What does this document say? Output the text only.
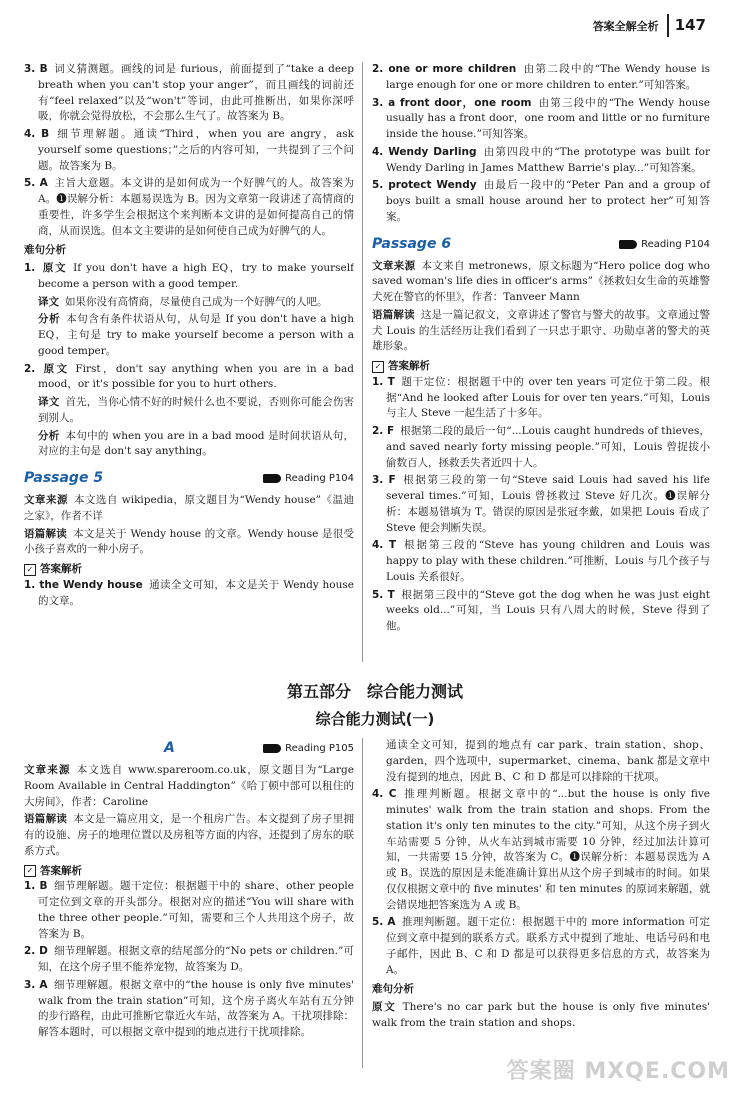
答案全解全析	147

3. B 词义猜测题。画线的词是 furious，前面提到了“take a deep breath when you can't stop your anger”，而且画线的词前还有“feel relaxed”以及“won't”等词，由此可推断出，如果你深呼吸，你就会觉得放松，不会那么生气了。故答案为 B。

4. B 细节理解题。通读“Third，when you are angry，ask yourself some questions；”之后的内容可知，一共提到了三个问题。故答案为 B。

5. A 主旨大意题。本文讲的是如何成为一个好脾气的人。故答案为 A。❶误解分析：本题易误选为 B。因为文章第一段讲述了高情商的重要性，许多学生会根据这个来判断本文讲的是如何提高自己的情商，从而误选。但本文主要讲的是如何使自己成为好脾气的人。

难句分析

1. 原文 If you don't have a high EQ，try to make yourself become a person with a good temper.

译文 如果你没有高情商，尽量使自己成为一个好脾气的人吧。

分析 本句含有条件状语从句，从句是 If you don't have a high EQ，主句是 try to make yourself become a person with a good temper。

2. 原文 First，don't say anything when you are in a bad mood，or it's possible for you to hurt others.

译文 首先，当你心情不好的时候什么也不要说，否则你可能会伤害到别人。

分析 本句中的 when you are in a bad mood 是时间状语从句，对应的主句是 don't say anything。

Passage 5	Reading P104

文章来源 本文选自 wikipedia，原文题目为“Wendy house”《温迪之家》，作者不详

语篇解读 本文是关于 Wendy house 的文章。Wendy house 是很受小孩子喜欢的一种小房子。

✓ 答案解析

1. the Wendy house 通读全文可知，本文是关于 Wendy house 的文章。

2. one or more children 由第二段中的“The Wendy house is large enough for one or more children to enter.”可知答案。

3. a front door，one room 由第三段中的“The Wendy house usually has a front door，one room and little or no furniture inside the house.”可知答案。

4. Wendy Darling 由第四段中的“The prototype was built for Wendy Darling in James Matthew Barrie's play...”可知答案。

5. protect Wendy 由最后一段中的“Peter Pan and a group of boys built a small house around her to protect her”可知答案。

Passage 6	Reading P104

文章来源 本文来自 metronews，原文标题为“Hero police dog who saved woman's life dies in officer's arms”《拯救妇女生命的英雄警犬死在警官的怀里》，作者：Tanveer Mann

语篇解读 这是一篇记叙文，文章讲述了警官与警犬的故事。文章通过警犬 Louis 的生活经历让我们看到了一只忠于职守、功勋卓著的警犬的英雄形象。

✓ 答案解析

1. T 题干定位：根据题干中的 over ten years 可定位于第二段。根据“And he looked after Louis for over ten years.”可知，Louis 与主人 Steve 一起生活了十多年。

2. F 根据第二段的最后一句“...Louis caught hundreds of thieves，and saved nearly forty missing people.”可知，Louis 曾捉拔小偷数百人，拯救丢失者近四十人。

3. F 根据第三段的第一句“Steve said Louis had saved his life several times.”可知，Louis 曾拯救过 Steve 好几次。❶误解分析：本题易错填为 T。错误的原因是张冠李戴，如果把 Louis 看成了 Steve 便会判断失误。

4. T 根据第三段的“Steve has young children and Louis was happy to play with these children.”可推断，Louis 与几个孩子与 Louis 关系很好。

5. T 根据第三段中的“Steve got the dog when he was just eight weeks old...”可知，当 Louis 只有八周大的时候，Steve 得到了他。

第五部分　综合能力测试
综合能力测试(一)
A	Reading P105

文章来源 本文选自 www.spareroom.co.uk，原文题目为“Large Room Available in Central Haddington”《哈丁顿中部可以租住的大房间》，作者：Caroline

语篇解读 本文是一篇应用文，是一个租房广告。本文提到了房子里拥有的设施、房子的地理位置以及房租等方面的内容，还提到了房东的联系方式。

✓ 答案解析

1. B 细节理解题。题干定位：根据题干中的 share、other people 可定位到文章的开头部分。根据对应的描述“You will share with the three other people.”可知，需要和三个人共用这个房子，故答案为 B。

2. D 细节理解题。根据文章的结尾部分的“No pets or children.”可知，在这个房子里不能养宠物，故答案为 D。

3. A 细节理解题。根据文章中的“the house is only five minutes' walk from the train station”可知，这个房子离火车站有五分钟的步行路程，由此可推断它靠近火车站，故答案为 A。干扰项排除：解答本题时，可以根据文章中提到的地点进行干扰项排除。

通读全文可知，提到的地点有 car park、train station、shop、garden，四个选项中，supermarket、cinema、bank 都是文章中没有提到的地点，因此 B、C 和 D 都是可以排除的干扰项。

4. C 推理判断题。根据文章中的“...but the house is only five minutes' walk from the train station and shops. From the station it's only ten minutes to the city.”可知，从这个房子到火车站需要 5 分钟，从火车站到城市需要 10 分钟，经过加法计算可知，一共需要 15 分钟，故答案为 C。❶误解分析：本题易误选为 A 或 B。误选的原因是未能准确计算出从这个房子到城市的时间。如果仅仅根据文章中的 five minutes' 和 ten minutes 的原词来解题，就会错误地把答案选为 A 或 B。

5. A 推理判断题。题干定位：根据题干中的 more information 可定位到文章中提到的联系方式。联系方式中提到了地址、电话号码和电子邮件，因此 B、C 和 D 都是可以获得更多信息的方式，故答案为 A。

难句分析

原文 There's no car park but the house is only five minutes' walk from the train station and shops.

答案圈 MXQE.COM
